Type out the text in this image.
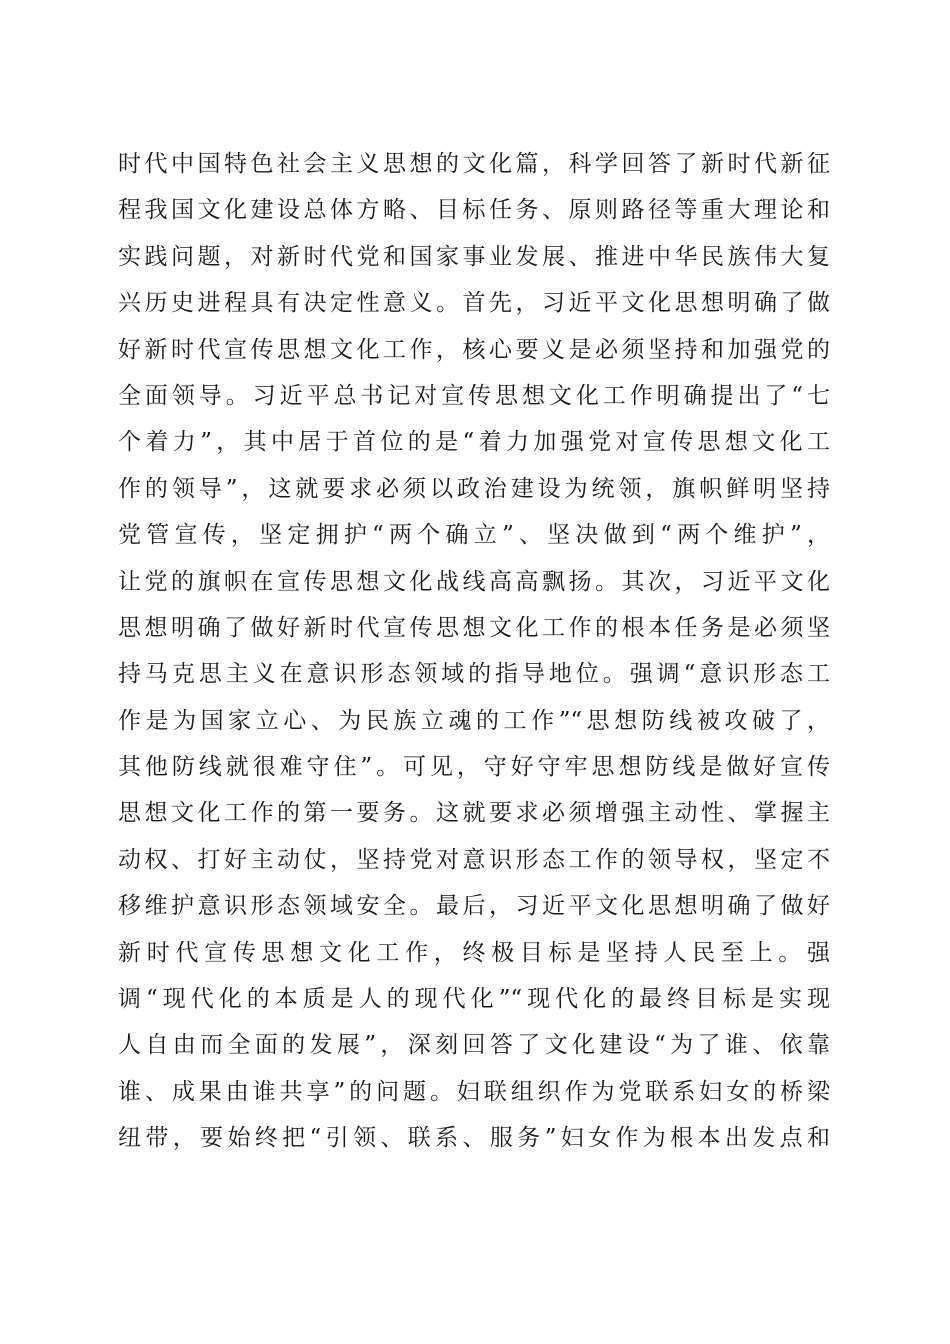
时代中国特色社会主义思想的文化篇，科学回答了新时代新征
程我国文化建设总体方略、目标任务、原则路径等重大理论和
实践问题，对新时代党和国家事业发展、推进中华民族伟大复
兴历史进程具有决定性意义。首先，习近平文化思想明确了做
好新时代宣传思想文化工作，核心要义是必须坚持和加强党的
全面领导。习近平总书记对宣传思想文化工作明确提出了“七
个着力”，其中居于首位的是“着力加强党对宣传思想文化工
作的领导”，这就要求必须以政治建设为统领，旗帜鲜明坚持
党管宣传，坚定拥护“两个确立”、坚决做到“两个维护”，
让党的旗帜在宣传思想文化战线高高飘扬。其次，习近平文化
思想明确了做好新时代宣传思想文化工作的根本任务是必须坚
持马克思主义在意识形态领域的指导地位。强调“意识形态工
作是为国家立心、为民族立魂的工作”“思想防线被攻破了，
其他防线就很难守住”。可见，守好守牢思想防线是做好宣传
思想文化工作的第一要务。这就要求必须增强主动性、掌握主
动权、打好主动仗，坚持党对意识形态工作的领导权，坚定不
移维护意识形态领域安全。最后，习近平文化思想明确了做好
新时代宣传思想文化工作，终极目标是坚持人民至上。强
调“现代化的本质是人的现代化”“现代化的最终目标是实现
人自由而全面的发展”，深刻回答了文化建设“为了谁、依靠
谁、成果由谁共享”的问题。妇联组织作为党联系妇女的桥梁
纽带，要始终把“引领、联系、服务”妇女作为根本出发点和
